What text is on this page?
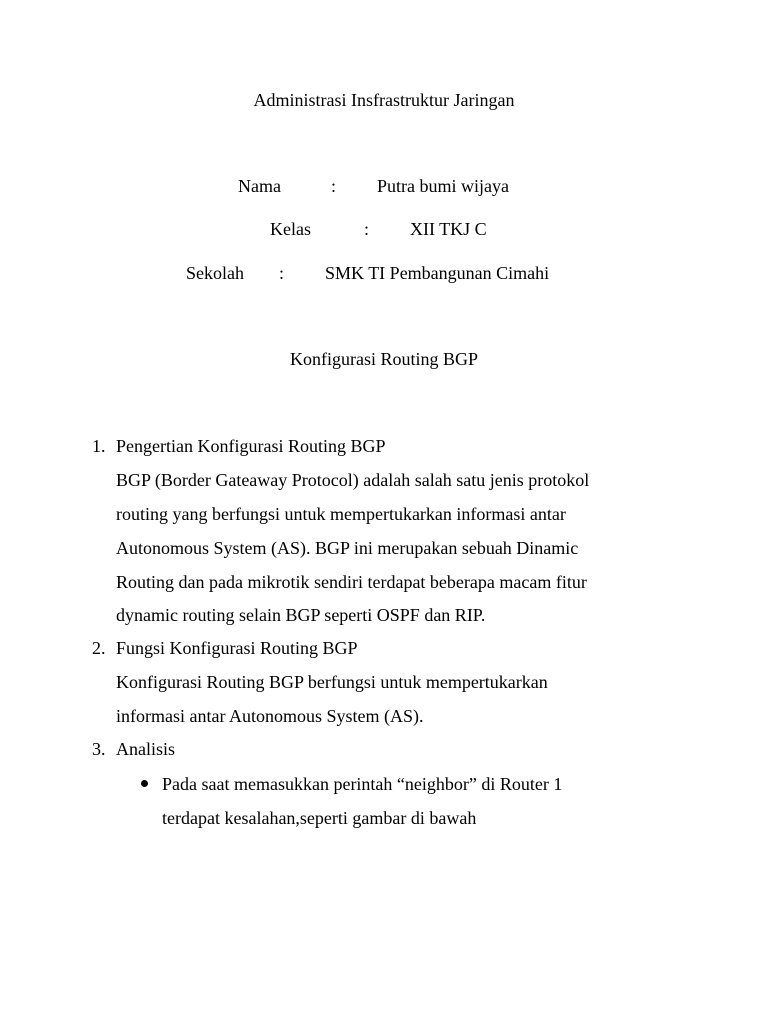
Administrasi Insfrastruktur Jaringan
Nama	: Putra bumi wijaya
Kelas	: XII TKJ C
Sekolah : SMK TI Pembangunan Cimahi
Konfigurasi Routing BGP
1. Pengertian Konfigurasi Routing BGP
BGP (Border Gateaway Protocol) adalah salah satu jenis protokol
routing yang berfungsi untuk mempertukarkan informasi antar
Autonomous System (AS). BGP ini merupakan sebuah Dinamic
Routing dan pada mikrotik sendiri terdapat beberapa macam fitur
dynamic routing selain BGP seperti OSPF dan RIP.
2. Fungsi Konfigurasi Routing BGP
Konfigurasi Routing BGP berfungsi untuk mempertukarkan
informasi antar Autonomous System (AS).
3. Analisis
Pada saat memasukkan perintah “neighbor” di Router 1
terdapat kesalahan,seperti gambar di bawah
